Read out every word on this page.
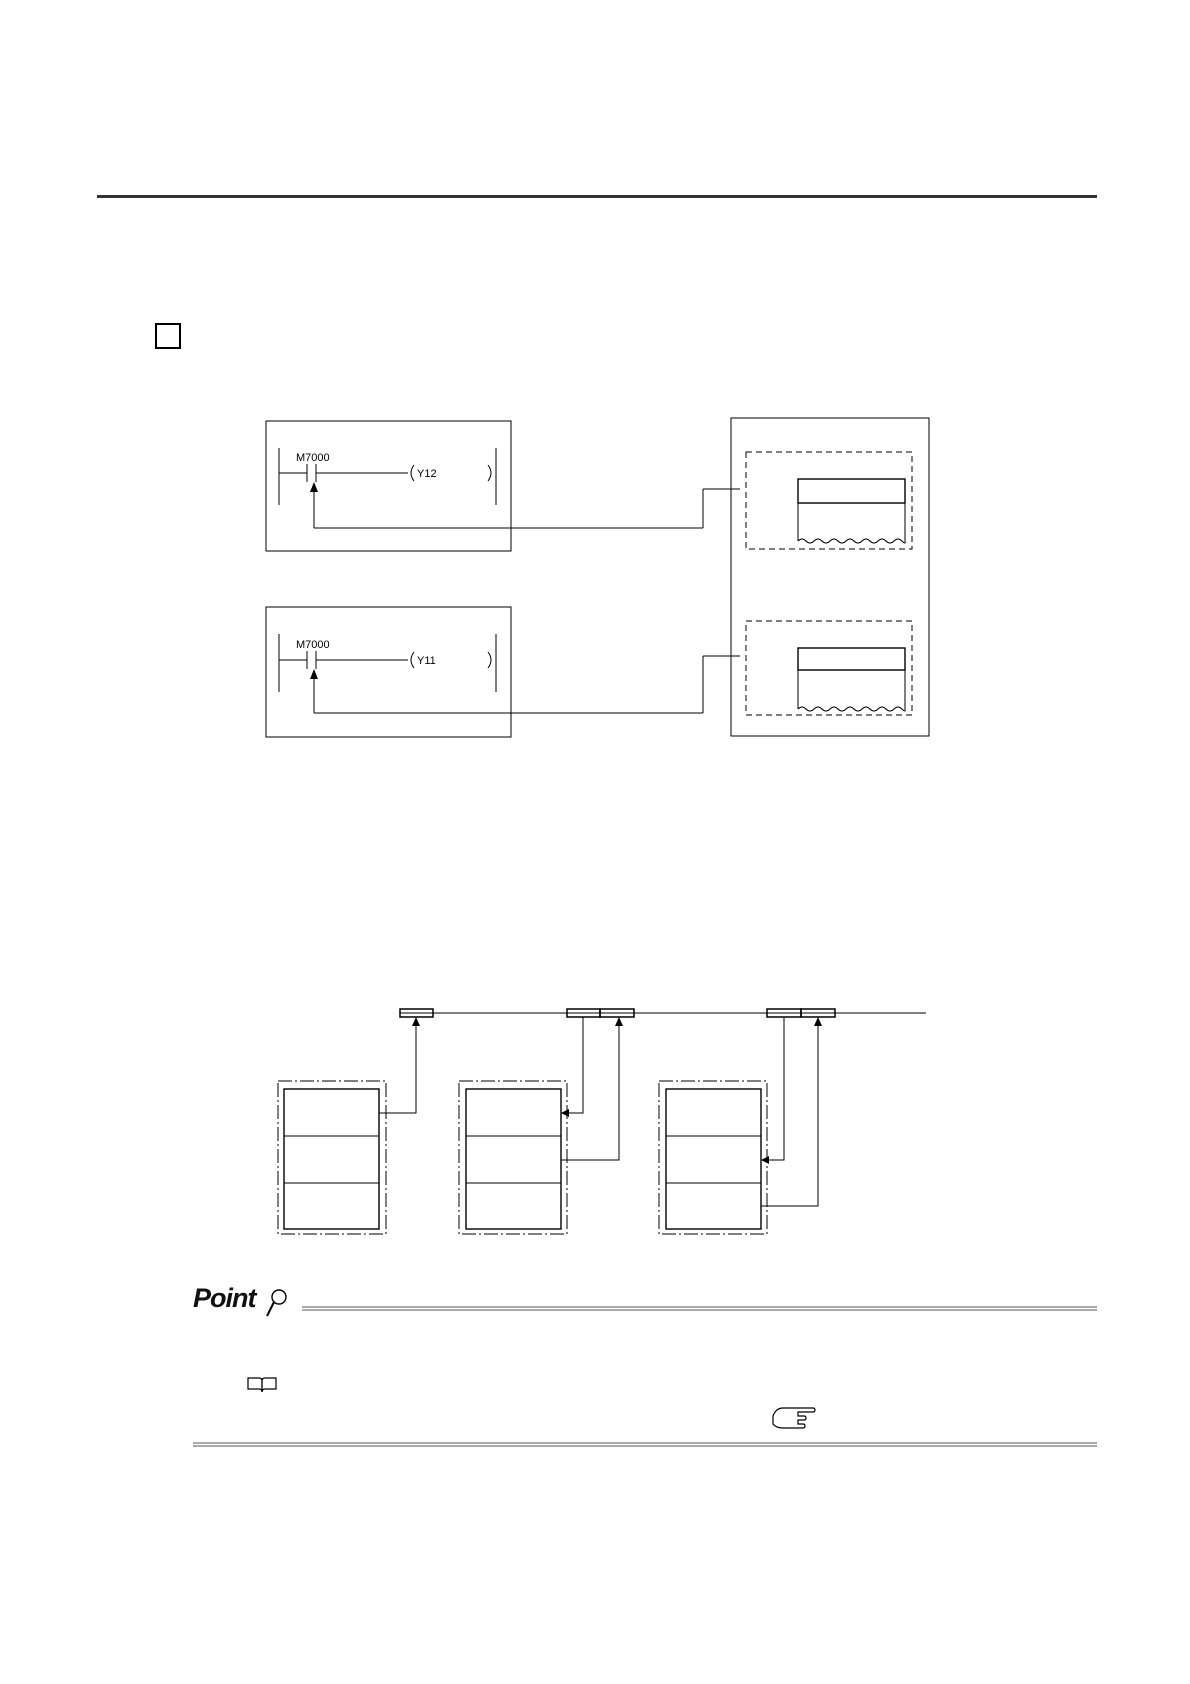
M7000
Y12
M7000
Y11
Point
